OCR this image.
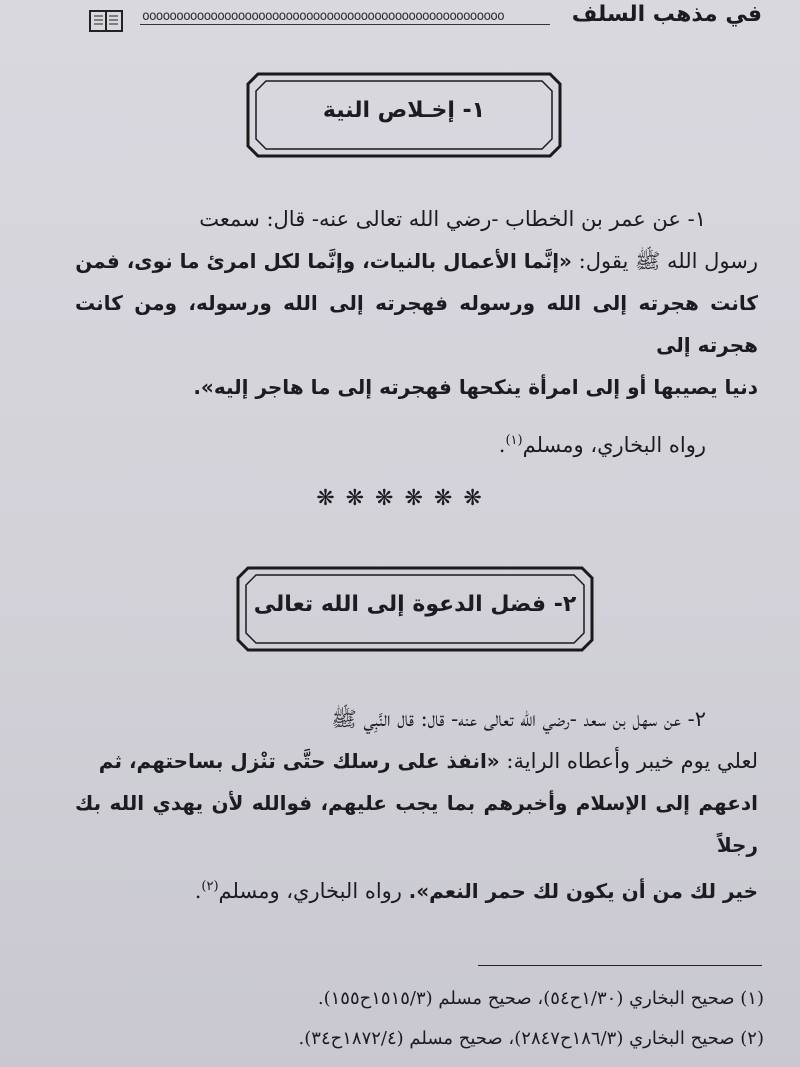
في مذهب السلف
ooooooooooooooooooooooooooooooooooooooooooooooooooooo
١- إخـلاص النية
١- عن عمر بن الخطاب -رضي الله تعالى عنه- قال: سمعت
رسول الله ﷺ يقول: «إنَّما الأعمال بالنيات، وإنَّما لكل امرئ ما نوى، فمن
كانت هجرته إلى الله ورسوله فهجرته إلى الله ورسوله، ومن كانت هجرته إلى
دنيا يصيبها أو إلى امرأة ينكحها فهجرته إلى ما هاجر إليه».
رواه البخاري، ومسلم$^{(١)}$.
❋ ❋ ❋ ❋ ❋ ❋
٢- فضل الدعوة إلى الله تعالى
٢- عن سهل بن سعد -رضي الله تعالى عنه- قال: قال النَّبِي ﷺ
لعلي يوم خيبر وأعطاه الراية: «انفذ على رسلك حتَّى تنْزل بساحتهم، ثم
ادعهم إلى الإسلام وأخبرهم بما يجب عليهم، فوالله لأن يهدي الله بك رجلاً
خير لك من أن يكون لك حمر النعم». رواه البخاري، ومسلم$^{(٢)}$.
(١) صحيح البخاري (١/٣٠ح٥٤)، صحيح مسلم (١٥١٥/٣ح١٥٥).
(٢) صحيح البخاري (١٨٦/٣ح٢٨٤٧)، صحيح مسلم (١٨٧٢/٤ح٣٤).
